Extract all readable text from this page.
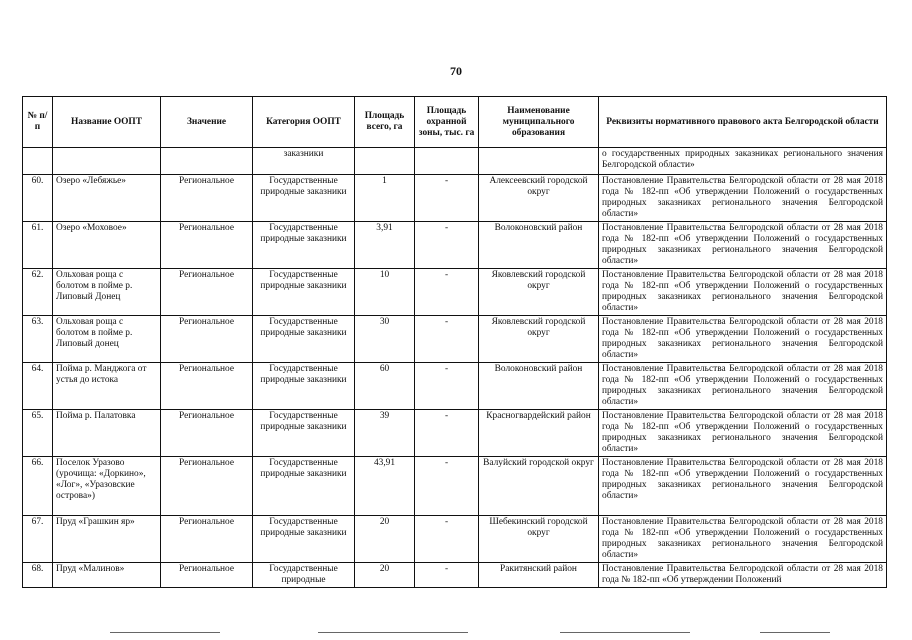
70
№ п/п	Название ООПТ	Значение	Категория ООПТ	Площадь всего, га	Площадь охранной зоны, тыс. га	Наименование муниципального образования	Реквизиты нормативного правового акта Белгородской области
			заказники				о государственных природных заказниках регионального значения Белгородской области»
60.	Озеро «Лебяжье»	Региональное	Государственные природные заказники	1	-	Алексеевский городской округ	Постановление Правительства Белгородской области от 28 мая 2018 года № 182-пп «Об утверждении Положений о государственных природных заказниках регионального значения Белгородской области»
61.	Озеро «Моховое»	Региональное	Государственные природные заказники	3,91	-	Волоконовский район	Постановление Правительства Белгородской области от 28 мая 2018 года № 182-пп «Об утверждении Положений о государственных природных заказниках регионального значения Белгородской области»
62.	Ольховая роща с болотом в пойме р. Липовый Донец	Региональное	Государственные природные заказники	10	-	Яковлевский городской округ	Постановление Правительства Белгородской области от 28 мая 2018 года № 182-пп «Об утверждении Положений о государственных природных заказниках регионального значения Белгородской области»
63.	Ольховая роща с болотом в пойме р. Липовый донец	Региональное	Государственные природные заказники	30	-	Яковлевский городской округ	Постановление Правительства Белгородской области от 28 мая 2018 года № 182-пп «Об утверждении Положений о государственных природных заказниках регионального значения Белгородской области»
64.	Пойма р. Манджога от устья до истока	Региональное	Государственные природные заказники	60	-	Волоконовский район	Постановление Правительства Белгородской области от 28 мая 2018 года № 182-пп «Об утверждении Положений о государственных природных заказниках регионального значения Белгородской области»
65.	Пойма р. Палатовка	Региональное	Государственные природные заказники	39	-	Красногвардейский район	Постановление Правительства Белгородской области от 28 мая 2018 года № 182-пп «Об утверждении Положений о государственных природных заказниках регионального значения Белгородской области»
66.	Поселок Уразово (урочища: «Доркино», «Лог», «Уразовские острова»)	Региональное	Государственные природные заказники	43,91	-	Валуйский городской округ	Постановление Правительства Белгородской области от 28 мая 2018 года № 182-пп «Об утверждении Положений о государственных природных заказниках регионального значения Белгородской области»
67.	Пруд «Грашкин яр»	Региональное	Государственные природные заказники	20	-	Шебекинский городской округ	Постановление Правительства Белгородской области от 28 мая 2018 года № 182-пп «Об утверждении Положений о государственных природных заказниках регионального значения Белгородской области»
68.	Пруд «Малинов»	Региональное	Государственные природные	20	-	Ракитянский район	Постановление Правительства Белгородской области от 28 мая 2018 года № 182-пп «Об утверждении Положений
